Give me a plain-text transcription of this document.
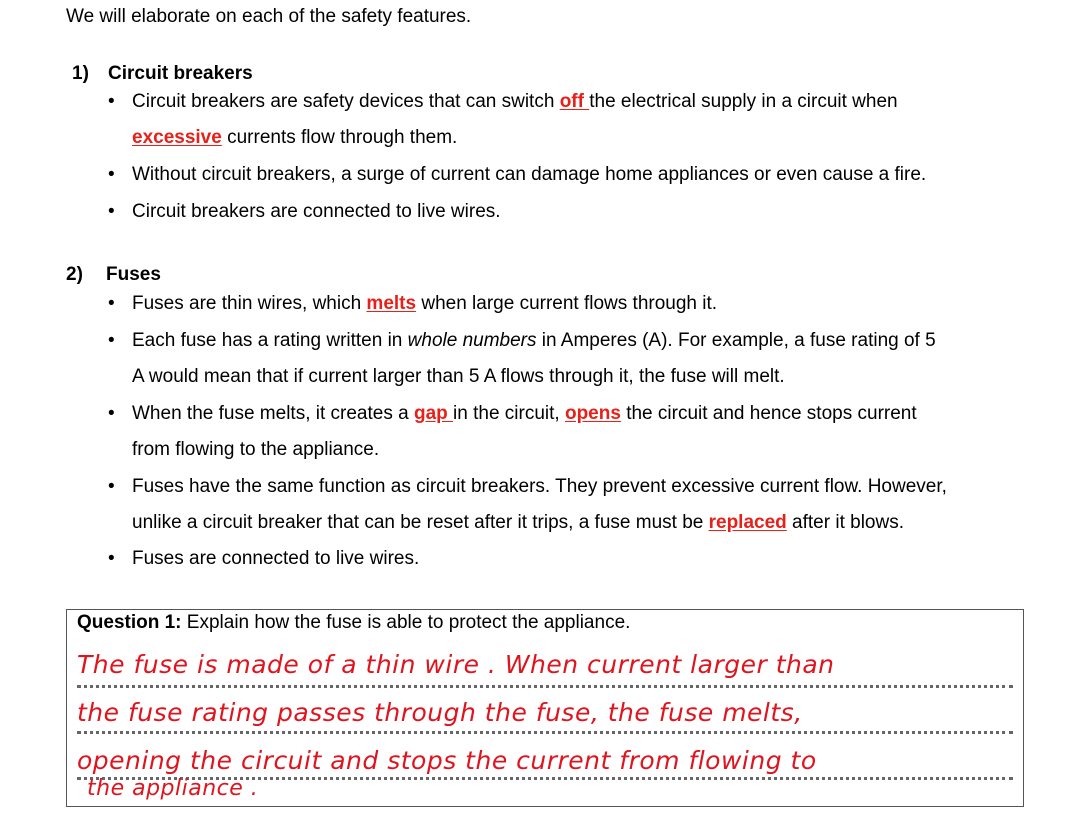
We will elaborate on each of the safety features.
1) Circuit breakers
• Circuit breakers are safety devices that can switch off the electrical supply in a circuit when
excessive currents flow through them.
• Without circuit breakers, a surge of current can damage home appliances or even cause a fire.
• Circuit breakers are connected to live wires.
2) Fuses
• Fuses are thin wires, which melts when large current flows through it.
• Each fuse has a rating written in whole numbers in Amperes (A). For example, a fuse rating of 5
A would mean that if current larger than 5 A flows through it, the fuse will melt.
• When the fuse melts, it creates a gap in the circuit, opens the circuit and hence stops current
from flowing to the appliance.
• Fuses have the same function as circuit breakers. They prevent excessive current flow. However,
unlike a circuit breaker that can be reset after it trips, a fuse must be replaced after it blows.
• Fuses are connected to live wires.
Question 1: Explain how the fuse is able to protect the appliance.
The fuse is made of a thin wire . When current larger than
the fuse rating passes through the fuse, the fuse melts,
opening the circuit and stops the current from flowing to
the appliance .
